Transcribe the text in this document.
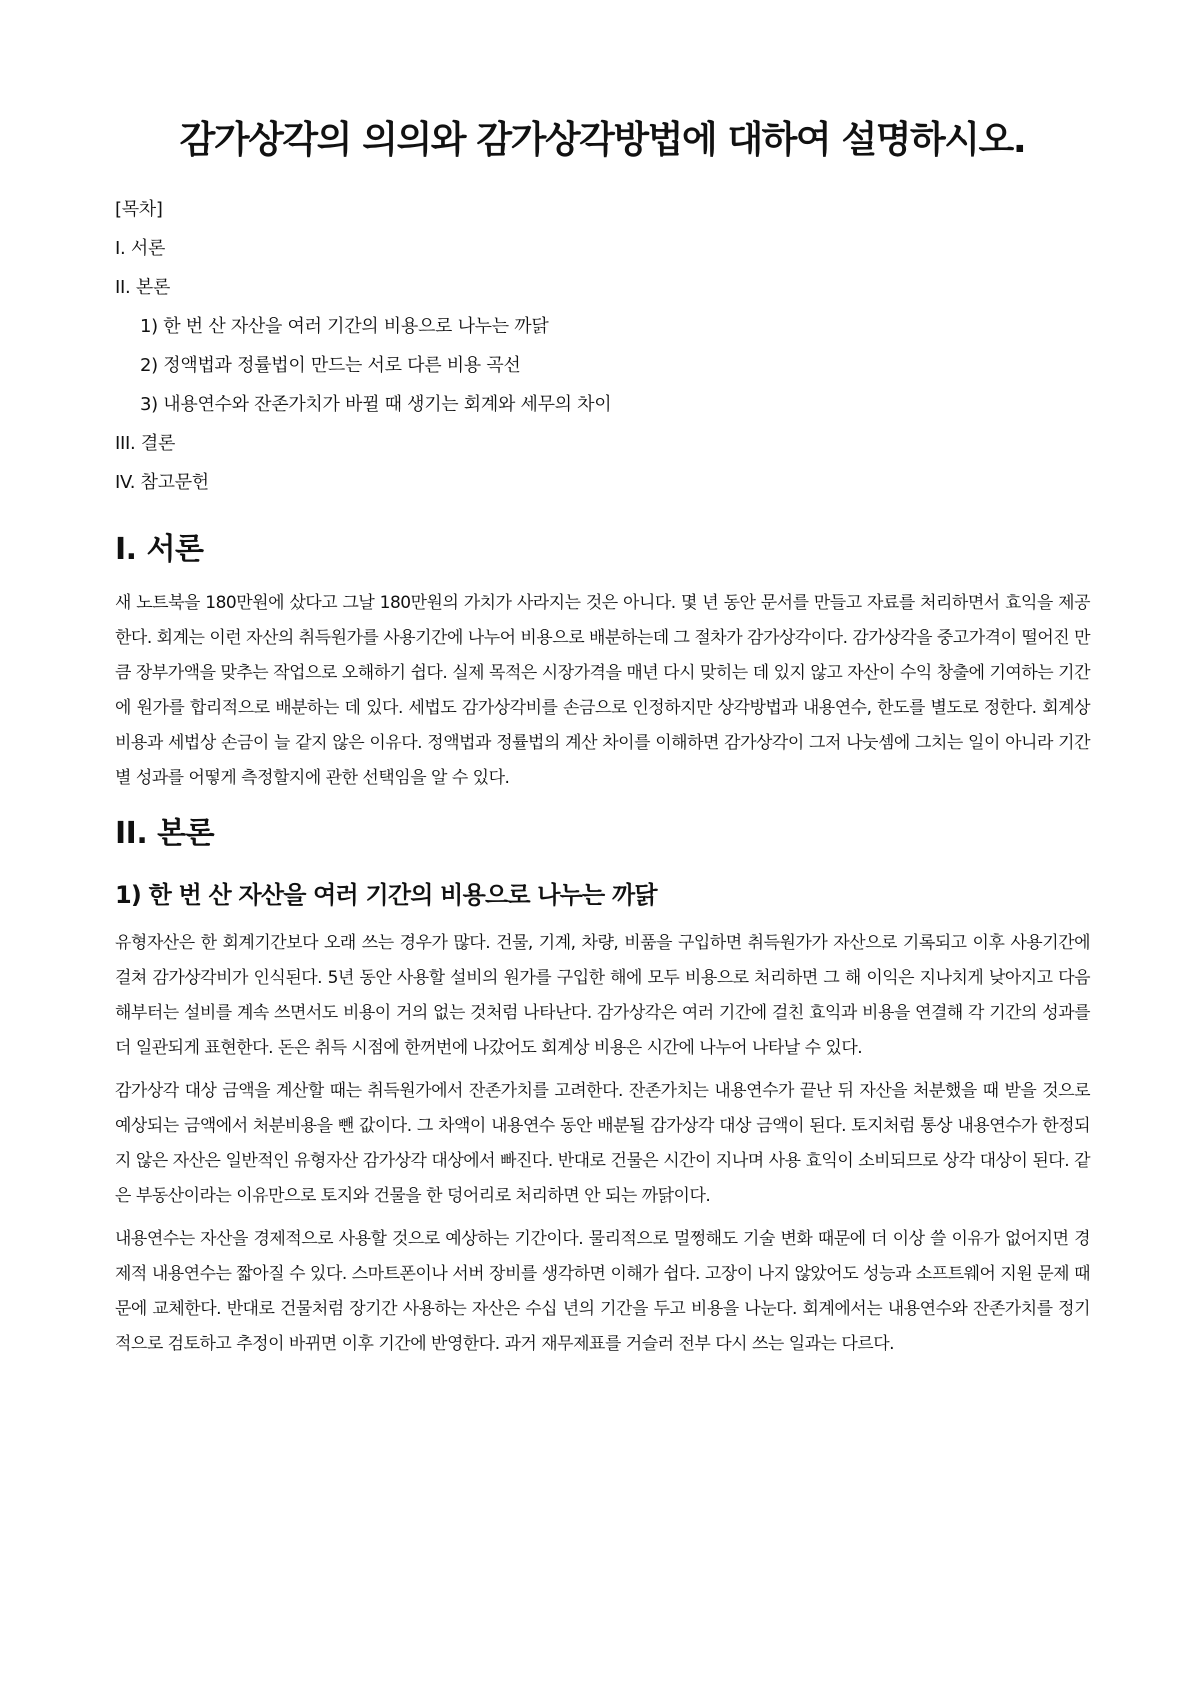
감가상각의 의의와 감가상각방법에 대하여 설명하시오.
[목차]
I. 서론
II. 본론
1) 한 번 산 자산을 여러 기간의 비용으로 나누는 까닭
2) 정액법과 정률법이 만드는 서로 다른 비용 곡선
3) 내용연수와 잔존가치가 바뀔 때 생기는 회계와 세무의 차이
III. 결론
IV. 참고문헌
I. 서론

새 노트북을 180만원에 샀다고 그날 180만원의 가치가 사라지는 것은 아니다. 몇 년 동안 문서를 만들고 자료를 처리하면서 효익을 제공한다. 회계는 이런 자산의 취득원가를 사용기간에 나누어 비용으로 배분하는데 그 절차가 감가상각이다. 감가상각을 중고가격이 떨어진 만큼 장부가액을 맞추는 작업으로 오해하기 쉽다. 실제 목적은 시장가격을 매년 다시 맞히는 데 있지 않고 자산이 수익 창출에 기여하는 기간에 원가를 합리적으로 배분하는 데 있다. 세법도 감가상각비를 손금으로 인정하지만 상각방법과 내용연수, 한도를 별도로 정한다. 회계상 비용과 세법상 손금이 늘 같지 않은 이유다. 정액법과 정률법의 계산 차이를 이해하면 감가상각이 그저 나눗셈에 그치는 일이 아니라 기간별 성과를 어떻게 측정할지에 관한 선택임을 알 수 있다.

II. 본론
1) 한 번 산 자산을 여러 기간의 비용으로 나누는 까닭

유형자산은 한 회계기간보다 오래 쓰는 경우가 많다. 건물, 기계, 차량, 비품을 구입하면 취득원가가 자산으로 기록되고 이후 사용기간에 걸쳐 감가상각비가 인식된다. 5년 동안 사용할 설비의 원가를 구입한 해에 모두 비용으로 처리하면 그 해 이익은 지나치게 낮아지고 다음 해부터는 설비를 계속 쓰면서도 비용이 거의 없는 것처럼 나타난다. 감가상각은 여러 기간에 걸친 효익과 비용을 연결해 각 기간의 성과를 더 일관되게 표현한다. 돈은 취득 시점에 한꺼번에 나갔어도 회계상 비용은 시간에 나누어 나타날 수 있다.

감가상각 대상 금액을 계산할 때는 취득원가에서 잔존가치를 고려한다. 잔존가치는 내용연수가 끝난 뒤 자산을 처분했을 때 받을 것으로 예상되는 금액에서 처분비용을 뺀 값이다. 그 차액이 내용연수 동안 배분될 감가상각 대상 금액이 된다. 토지처럼 통상 내용연수가 한정되지 않은 자산은 일반적인 유형자산 감가상각 대상에서 빠진다. 반대로 건물은 시간이 지나며 사용 효익이 소비되므로 상각 대상이 된다. 같은 부동산이라는 이유만으로 토지와 건물을 한 덩어리로 처리하면 안 되는 까닭이다.

내용연수는 자산을 경제적으로 사용할 것으로 예상하는 기간이다. 물리적으로 멀쩡해도 기술 변화 때문에 더 이상 쓸 이유가 없어지면 경제적 내용연수는 짧아질 수 있다. 스마트폰이나 서버 장비를 생각하면 이해가 쉽다. 고장이 나지 않았어도 성능과 소프트웨어 지원 문제 때문에 교체한다. 반대로 건물처럼 장기간 사용하는 자산은 수십 년의 기간을 두고 비용을 나눈다. 회계에서는 내용연수와 잔존가치를 정기적으로 검토하고 추정이 바뀌면 이후 기간에 반영한다. 과거 재무제표를 거슬러 전부 다시 쓰는 일과는 다르다.
